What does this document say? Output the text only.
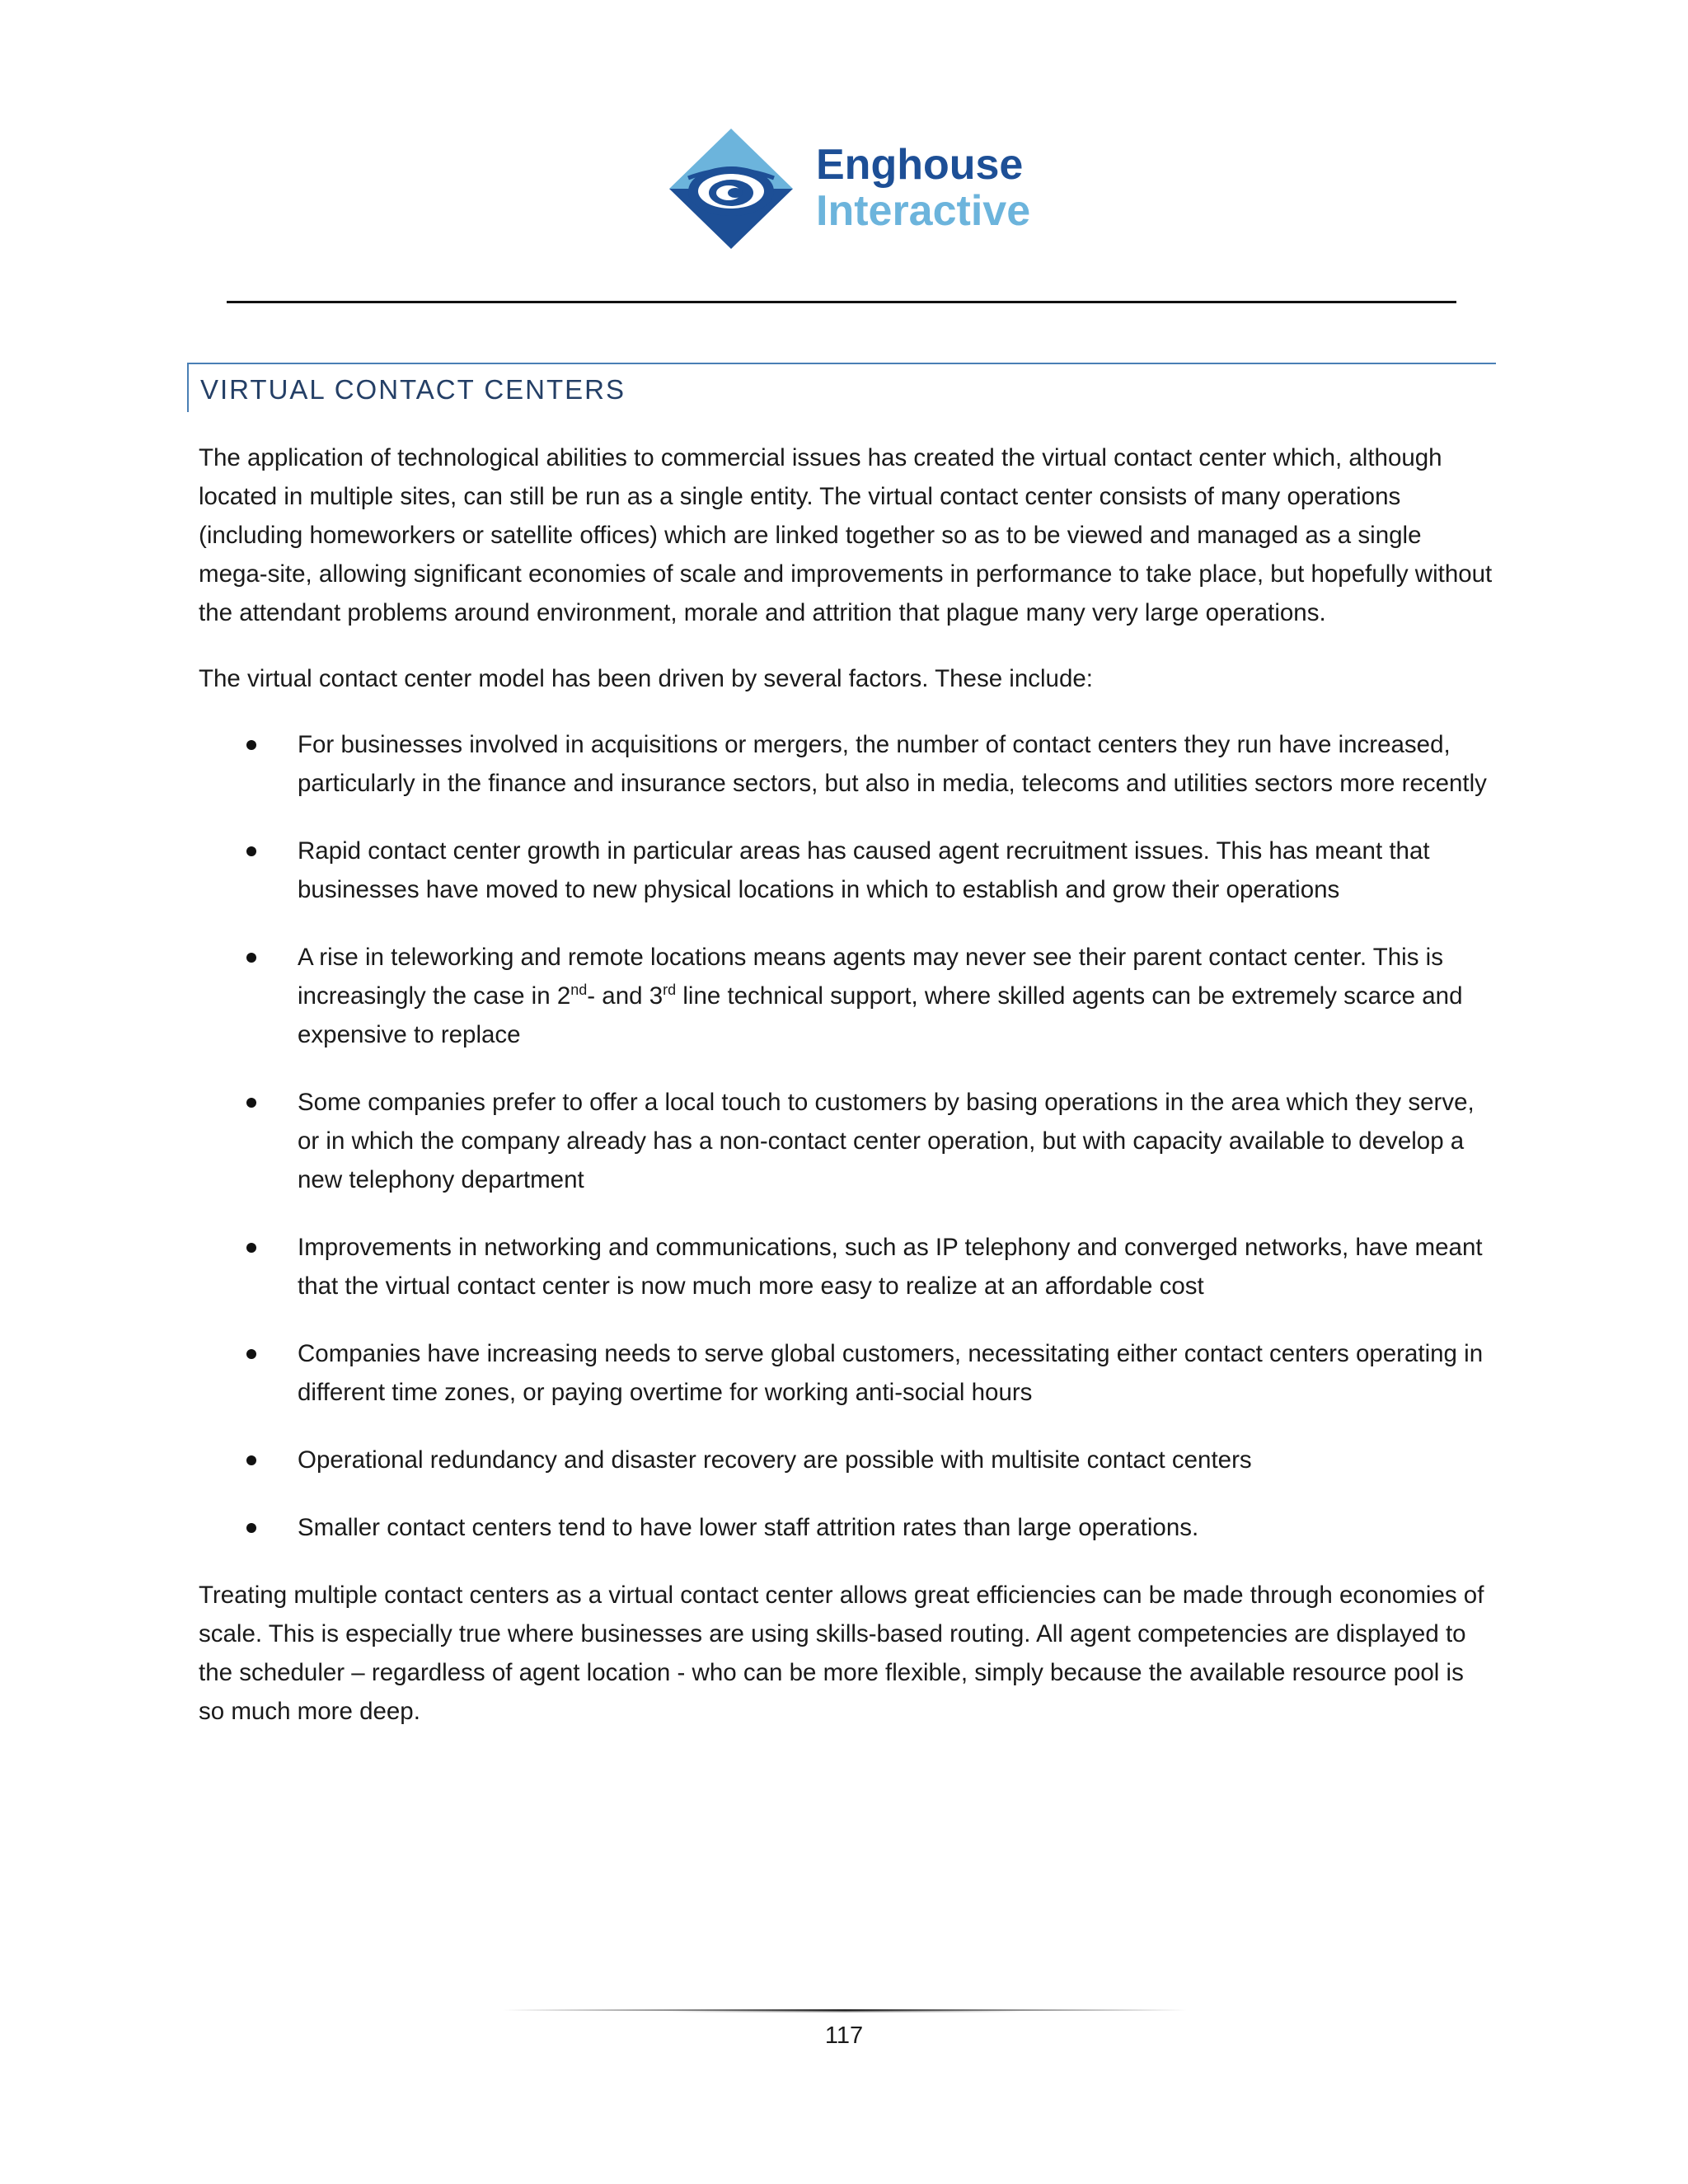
Enghouse
Interactive
VIRTUAL CONTACT CENTERS

The application of technological abilities to commercial issues has created the virtual contact center which, although located in multiple sites, can still be run as a single entity. The virtual contact center consists of many operations (including homeworkers or satellite offices) which are linked together so as to be viewed and managed as a single mega-site, allowing significant economies of scale and improvements in performance to take place, but hopefully without the attendant problems around environment, morale and attrition that plague many very large operations.

The virtual contact center model has been driven by several factors. These include:

For businesses involved in acquisitions or mergers, the number of contact centers they run have increased, particularly in the finance and insurance sectors, but also in media, telecoms and utilities sectors more recently
Rapid contact center growth in particular areas has caused agent recruitment issues. This has meant that businesses have moved to new physical locations in which to establish and grow their operations
A rise in teleworking and remote locations means agents may never see their parent contact center. This is increasingly the case in 2nd- and 3rd line technical support, where skilled agents can be extremely scarce and expensive to replace
Some companies prefer to offer a local touch to customers by basing operations in the area which they serve, or in which the company already has a non-contact center operation, but with capacity available to develop a new telephony department
Improvements in networking and communications, such as IP telephony and converged networks, have meant that the virtual contact center is now much more easy to realize at an affordable cost
Companies have increasing needs to serve global customers, necessitating either contact centers operating in different time zones, or paying overtime for working anti-social hours
Operational redundancy and disaster recovery are possible with multisite contact centers
Smaller contact centers tend to have lower staff attrition rates than large operations.

Treating multiple contact centers as a virtual contact center allows great efficiencies can be made through economies of scale. This is especially true where businesses are using skills-based routing. All agent competencies are displayed to the scheduler – regardless of agent location - who can be more flexible, simply because the available resource pool is so much more deep.

117
